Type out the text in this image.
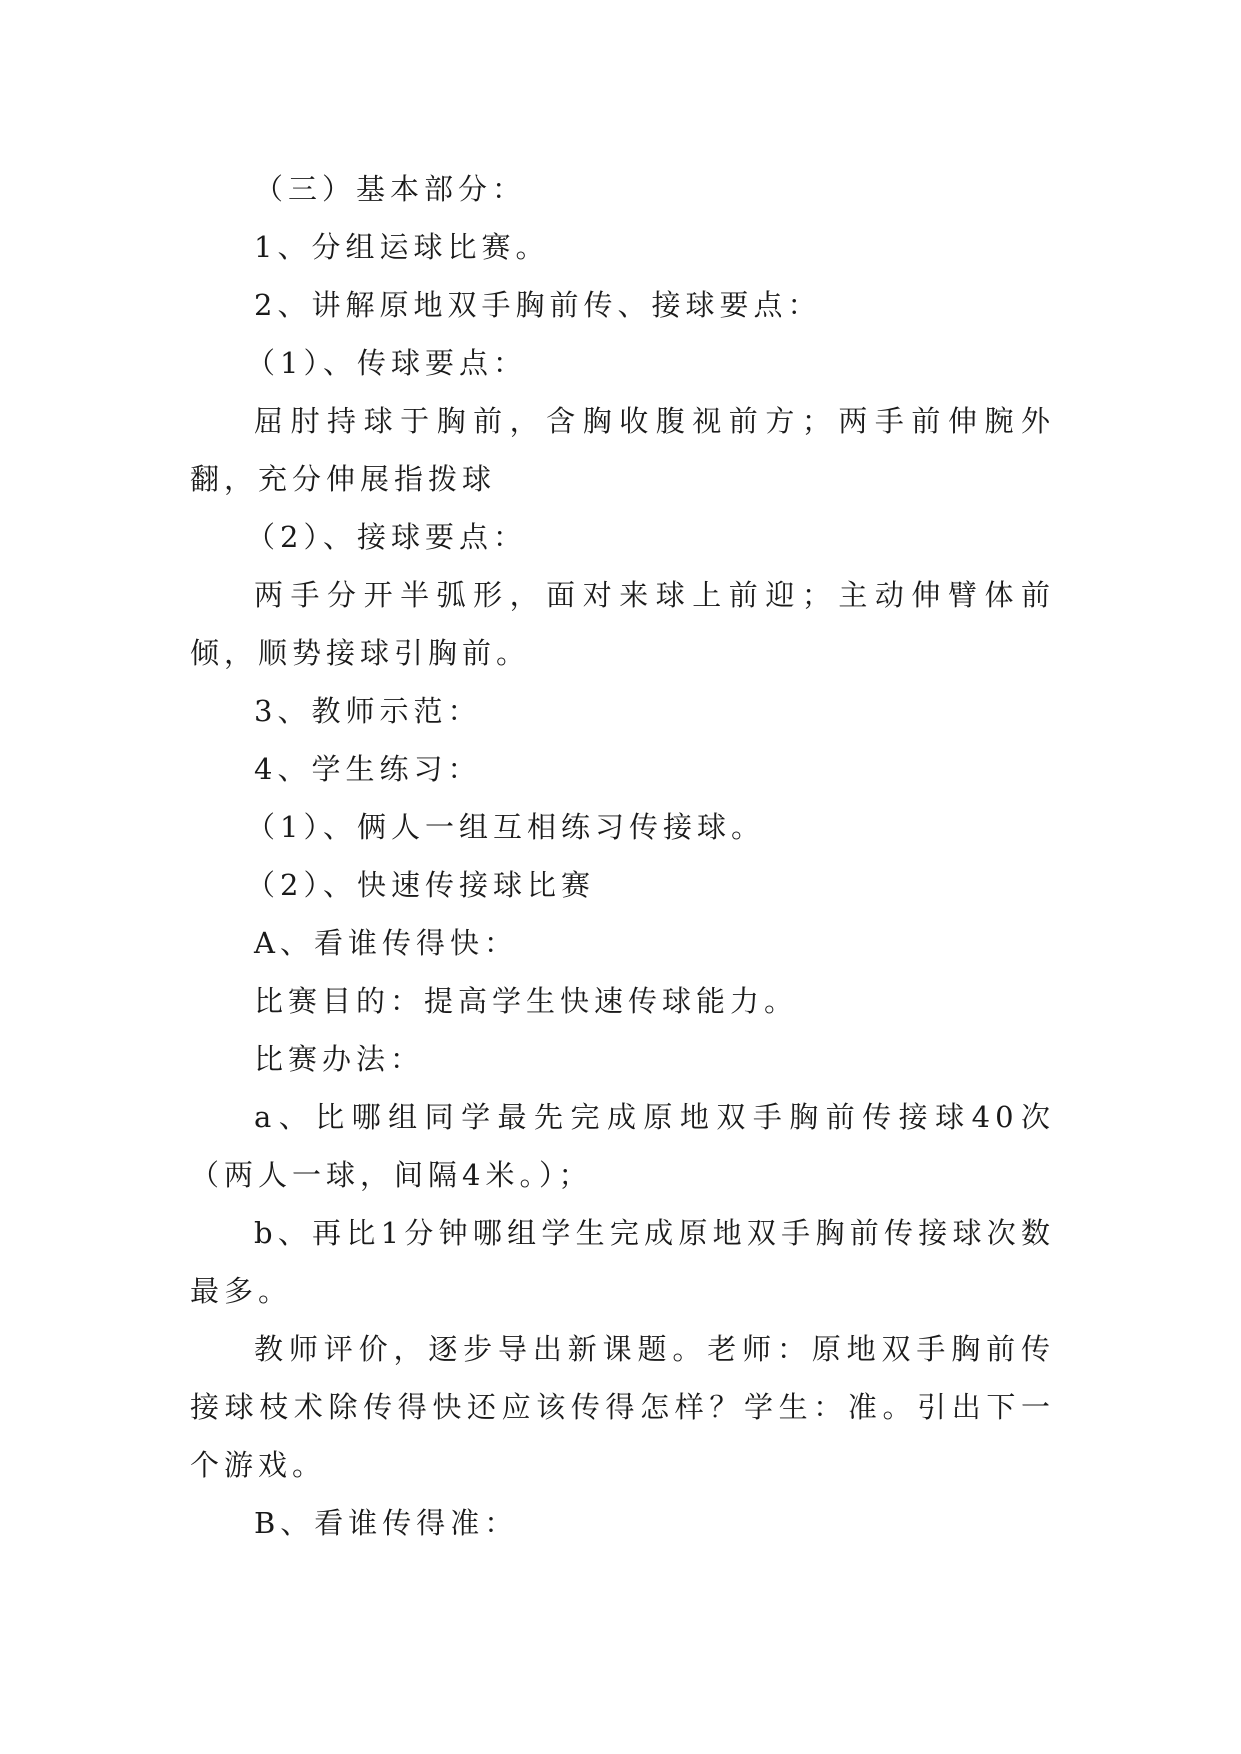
（三）基本部分：

1、分组运球比赛。

2、讲解原地双手胸前传、接球要点：

（1）、传球要点：

屈肘持球于胸前，含胸收腹视前方；两手前伸腕外翻，充分伸展指拨球

（2）、接球要点：

两手分开半弧形，面对来球上前迎；主动伸臂体前倾，顺势接球引胸前。

3、教师示范：

4、学生练习：

（1）、俩人一组互相练习传接球。

（2）、快速传接球比赛

A、看谁传得快：

比赛目的：提高学生快速传球能力。

比赛办法：

a、比哪组同学最先完成原地双手胸前传接球40次（两人一球，间隔4米。）；

b、再比1分钟哪组学生完成原地双手胸前传接球次数最多。

教师评价，逐步导出新课题。老师：原地双手胸前传接球枝术除传得快还应该传得怎样？学生：准。引出下一个游戏。

B、看谁传得准：
